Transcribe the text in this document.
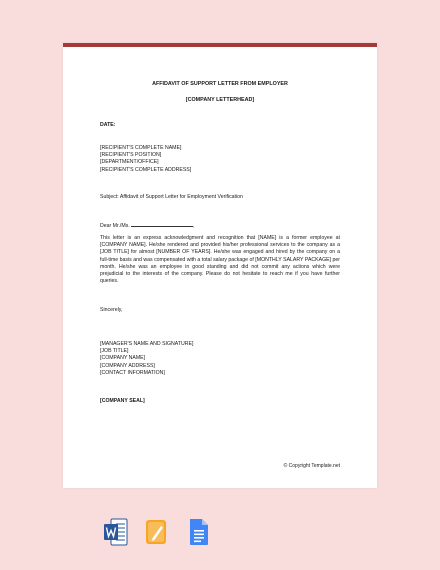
AFFIDAVIT OF SUPPORT LETTER FROM EMPLOYER
[COMPANY LETTERHEAD]
DATE:
[RECIPIENT'S COMPLETE NAME]
[RECIPIENT'S POSITION]
[DEPARTMENT/OFFICE]
[RECIPIENT'S COMPLETE ADDRESS]
Subject: Affidavit of Support Letter for Employment Verification
Dear Mr./Ms.	,
This letter is an express acknowledgment and recognition that [NAME] is a former employee at [COMPANY NAME]. He/she rendered and provided his/her professional services to the company as a [JOB TITLE] for almost [NUMBER OF YEARS]. He/she was engaged and hired by the company on a full-time basis and was compensated with a total salary package of [MONTHLY SALARY PACKAGE] per month. He/she was an employee in good standing and did not commit any actions which were prejudicial to the interests of the company. Please do not hesitate to reach me if you have further queries.
Sincerely,
[MANAGER'S NAME AND SIGNATURE]
[JOB TITLE]
[COMPANY NAME]
[COMPANY ADDRESS]
[CONTACT INFORMATION]
[COMPANY SEAL]
© Copyright Template.net
